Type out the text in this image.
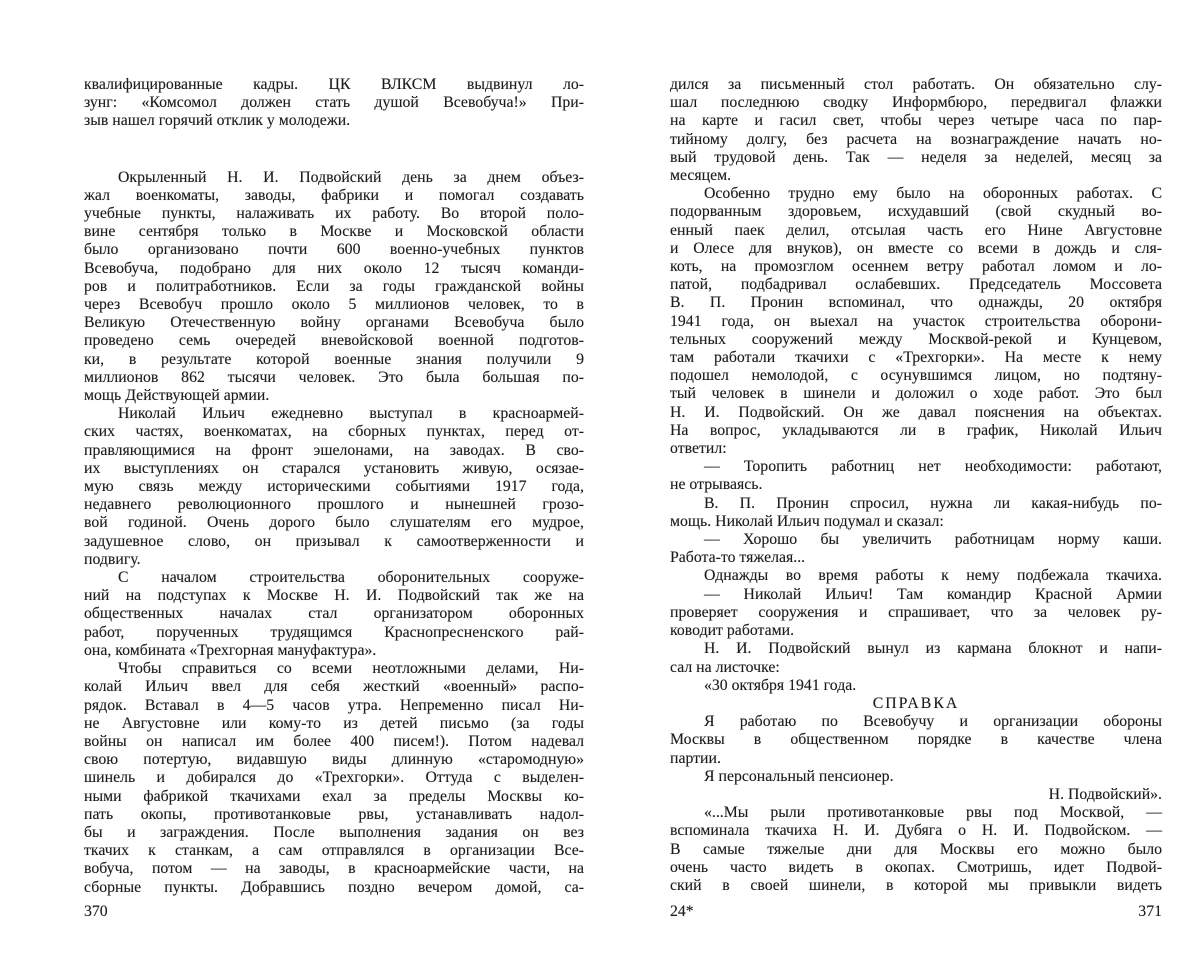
квалифицированные кадры. ЦК ВЛКСМ выдвинул ло-
зунг: «Комсомол должен стать душой Всевобуча!» При-
зыв нашел горячий отклик у молодежи.
Окрыленный Н. И. Подвойский день за днем объез-
жал военкоматы, заводы, фабрики и помогал создавать
учебные пункты, налаживать их работу. Во второй поло-
вине сентября только в Москве и Московской области
было организовано почти 600 военно-учебных пунктов
Всевобуча, подобрано для них около 12 тысяч команди-
ров и политработников. Если за годы гражданской войны
через Всевобуч прошло около 5 миллионов человек, то в
Великую Отечественную войну органами Всевобуча было
проведено семь очередей вневойсковой военной подготов-
ки, в результате которой военные знания получили 9
миллионов 862 тысячи человек. Это была большая по-
мощь Действующей армии.
Николай Ильич ежедневно выступал в красноармей-
ских частях, военкоматах, на сборных пунктах, перед от-
правляющимися на фронт эшелонами, на заводах. В сво-
их выступлениях он старался установить живую, осязае-
мую связь между историческими событиями 1917 года,
недавнего революционного прошлого и нынешней грозо-
вой годиной. Очень дорого было слушателям его мудрое,
задушевное слово, он призывал к самоотверженности и
подвигу.
С началом строительства оборонительных сооруже-
ний на подступах к Москве Н. И. Подвойский так же на
общественных началах стал организатором оборонных
работ, порученных трудящимся Краснопресненского рай-
она, комбината «Трехгорная мануфактура».
Чтобы справиться со всеми неотложными делами, Ни-
колай Ильич ввел для себя жесткий «военный» распо-
рядок. Вставал в 4—5 часов утра. Непременно писал Ни-
не Августовне или кому-то из детей письмо (за годы
войны он написал им более 400 писем!). Потом надевал
свою потертую, видавшую виды длинную «старомодную»
шинель и добирался до «Трехгорки». Оттуда с выделен-
ными фабрикой ткачихами ехал за пределы Москвы ко-
пать окопы, противотанковые рвы, устанавливать надол-
бы и заграждения. После выполнения задания он вез
ткачих к станкам, а сам отправлялся в организации Все-
вобуча, потом — на заводы, в красноармейские части, на
сборные пункты. Добравшись поздно вечером домой, са-
дился за письменный стол работать. Он обязательно слу-
шал последнюю сводку Информбюро, передвигал флажки
на карте и гасил свет, чтобы через четыре часа по пар-
тийному долгу, без расчета на вознаграждение начать но-
вый трудовой день. Так — неделя за неделей, месяц за
месяцем.
Особенно трудно ему было на оборонных работах. С
подорванным здоровьем, исхудавший (свой скудный во-
енный паек делил, отсылая часть его Нине Августовне
и Олесе для внуков), он вместе со всеми в дождь и сля-
коть, на промозглом осеннем ветру работал ломом и ло-
патой, подбадривал ослабевших. Председатель Моссовета
В. П. Пронин вспоминал, что однажды, 20 октября
1941 года, он выехал на участок строительства оборони-
тельных сооружений между Москвой-рекой и Кунцевом,
там работали ткачихи с «Трехгорки». На месте к нему
подошел немолодой, с осунувшимся лицом, но подтяну-
тый человек в шинели и доложил о ходе работ. Это был
Н. И. Подвойский. Он же давал пояснения на объектах.
На вопрос, укладываются ли в график, Николай Ильич
ответил:
— Торопить работниц нет необходимости: работают,
не отрываясь.
В. П. Пронин спросил, нужна ли какая-нибудь по-
мощь. Николай Ильич подумал и сказал:
— Хорошо бы увеличить работницам норму каши.
Работа-то тяжелая...
Однажды во время работы к нему подбежала ткачиха.
— Николай Ильич! Там командир Красной Армии
проверяет сооружения и спрашивает, что за человек ру-
ководит работами.
Н. И. Подвойский вынул из кармана блокнот и напи-
сал на листочке:
«30 октября 1941 года.
СПРАВКА
Я работаю по Всевобучу и организации обороны
Москвы в общественном порядке в качестве члена
партии.
Я персональный пенсионер.
Н. Подвойский».
«...Мы рыли противотанковые рвы под Москвой, —
вспоминала ткачиха Н. И. Дубяга о Н. И. Подвойском. —
В самые тяжелые дни для Москвы его можно было
очень часто видеть в окопах. Смотришь, идет Подвой-
ский в своей шинели, в которой мы привыкли видеть
370	24*	371
